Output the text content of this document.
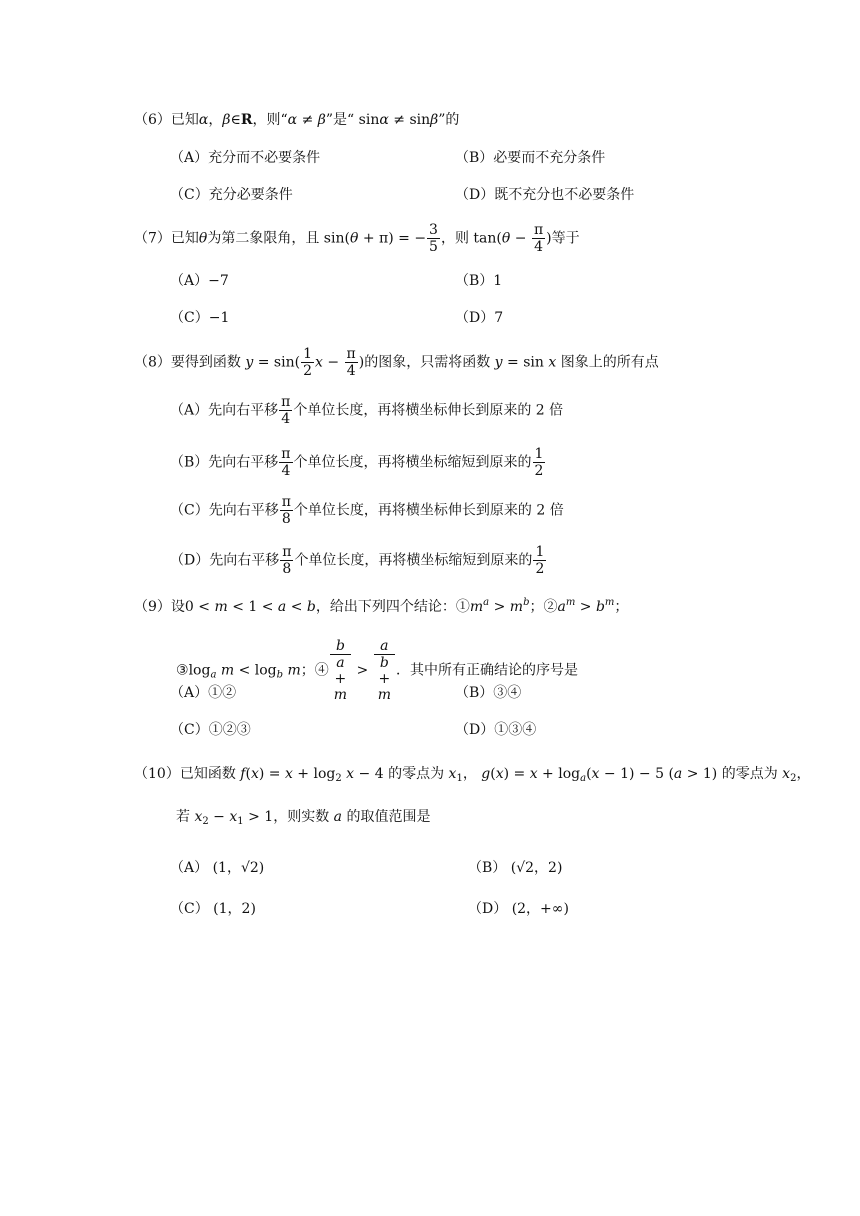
（6）已知α，β∈R，则“α ≠ β”是“ sinα ≠ sinβ”的
（A）充分而不必要条件	（B）必要而不充分条件
（C）充分必要条件	（D）既不充分也不必要条件
（7）已知θ为第二象限角，且 sin(θ + π) = − $\frac{3}{5}$ ，则 $\tan(\theta - \frac{\pi}{4}$ )等于
（A）−7	（B）1
（C）−1	（D）7
（8）要得到函数 $y = \sin( \frac{1}{2}$ $x - \frac{\pi}{4}$ )的图象，只需将函数 y = sin x 图象上的所有点
（A）先向右平移 $\frac{\pi}{4}$ 个单位长度，再将横坐标伸长到原来的 2 倍
（B）先向右平移 $\frac{\pi}{4}$ 个单位长度，再将横坐标缩短到原来的 $\frac{1}{2}$
（C）先向右平移 $\frac{\pi}{8}$ 个单位长度，再将横坐标伸长到原来的 2 倍
（D）先向右平移 $\frac{\pi}{8}$ 个单位长度，再将横坐标缩短到原来的 $\frac{1}{2}$
（9）设0 < m < 1 < a < b，给出下列四个结论：$①m^a > m^b$；$②a^m > b^m$；
$③\log_a$ $m < \log_b m$；④ b
a
+
m > a
b
+
m ．其中所有正确结论的序号是
（A）①②	（B）③④
（C）①②③	（D）①③④
（10）已知函数 $f(x) = x + \log_2 x - 4$ 的零点为 $x_1$， $g(x) = x + \log_a(x - 1) - 5$ (a > 1) 的零点为 $x_2$，
若 $x_2 - x_1 > 1$，则实数 a 的取值范围是
（A） (1，√2)	（B） (√2，2)
（C） (1，2)	（D） (2，+∞)
